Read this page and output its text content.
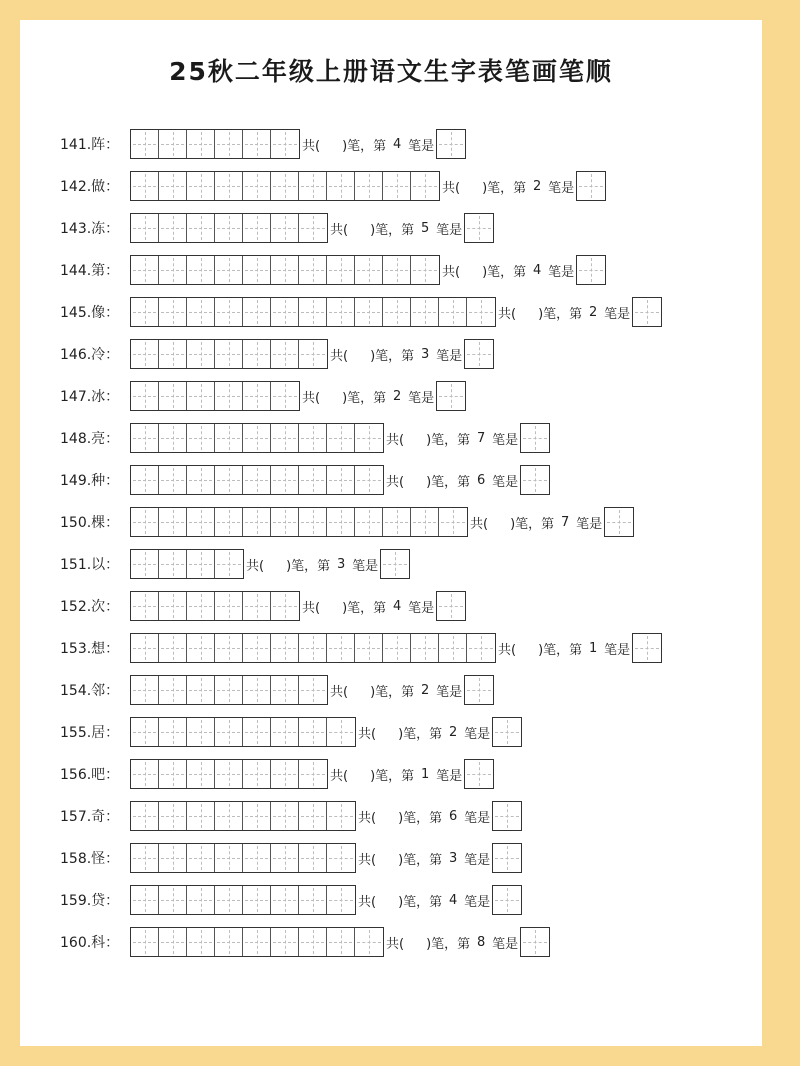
25秋二年级上册语文生字表笔画笔顺
141.阵：	共( )笔，第 4 笔是
142.做：	共( )笔，第 2 笔是
143.冻：	共( )笔，第 5 笔是
144.第：	共( )笔，第 4 笔是
145.像：	共( )笔，第 2 笔是
146.冷：	共( )笔，第 3 笔是
147.冰：	共( )笔，第 2 笔是
148.亮：	共( )笔，第 7 笔是
149.种：	共( )笔，第 6 笔是
150.棵：	共( )笔，第 7 笔是
151.以：	共( )笔，第 3 笔是
152.次：	共( )笔，第 4 笔是
153.想：	共( )笔，第 1 笔是
154.邻：	共( )笔，第 2 笔是
155.居：	共( )笔，第 2 笔是
156.吧：	共( )笔，第 1 笔是
157.奇：	共( )笔，第 6 笔是
158.怪：	共( )笔，第 3 笔是
159.贷：	共( )笔，第 4 笔是
160.科：	共( )笔，第 8 笔是
